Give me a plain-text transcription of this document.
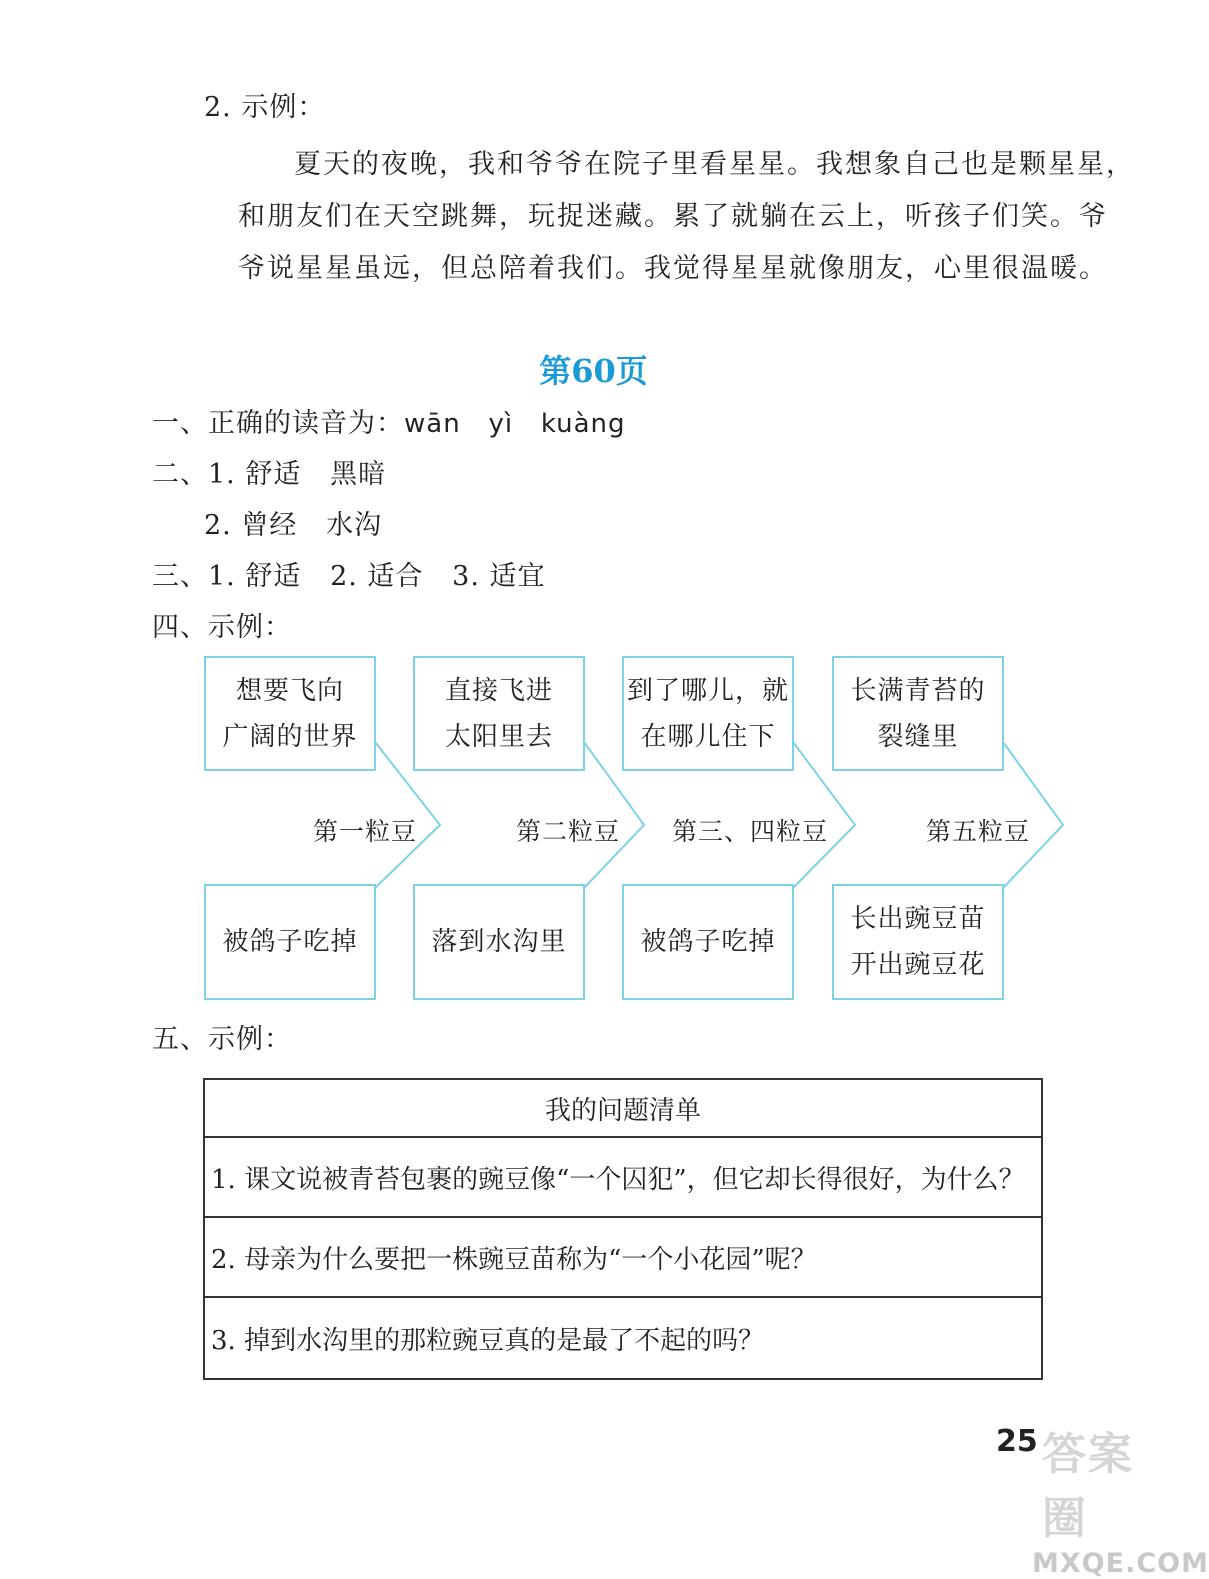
2. 示例：
夏天的夜晚，我和爷爷在院子里看星星。我想象自己也是颗星星，
和朋友们在天空跳舞，玩捉迷藏。累了就躺在云上，听孩子们笑。爷
爷说星星虽远，但总陪着我们。我觉得星星就像朋友，心里很温暖。
第60页
一、正确的读音为：wān   yì   kuàng
二、1. 舒适   黑暗
2. 曾经   水沟
三、1. 舒适   2. 适合   3. 适宜
四、示例：
想要飞向
广阔的世界
直接飞进
太阳里去
到了哪儿，就
在哪儿住下
长满青苔的
裂缝里
第一粒豆	第二粒豆 第三、四粒豆	第五粒豆
被鸽子吃掉	落到水沟里	被鸽子吃掉
长出豌豆苗
开出豌豆花
五、示例：
我的问题清单
1. 课文说被青苔包裹的豌豆像“一个囚犯”，但它却长得很好，为什么？
2. 母亲为什么要把一株豌豆苗称为“一个小花园”呢？
3. 掉到水沟里的那粒豌豆真的是最了不起的吗？
答案圈
MXQE.COM
25
